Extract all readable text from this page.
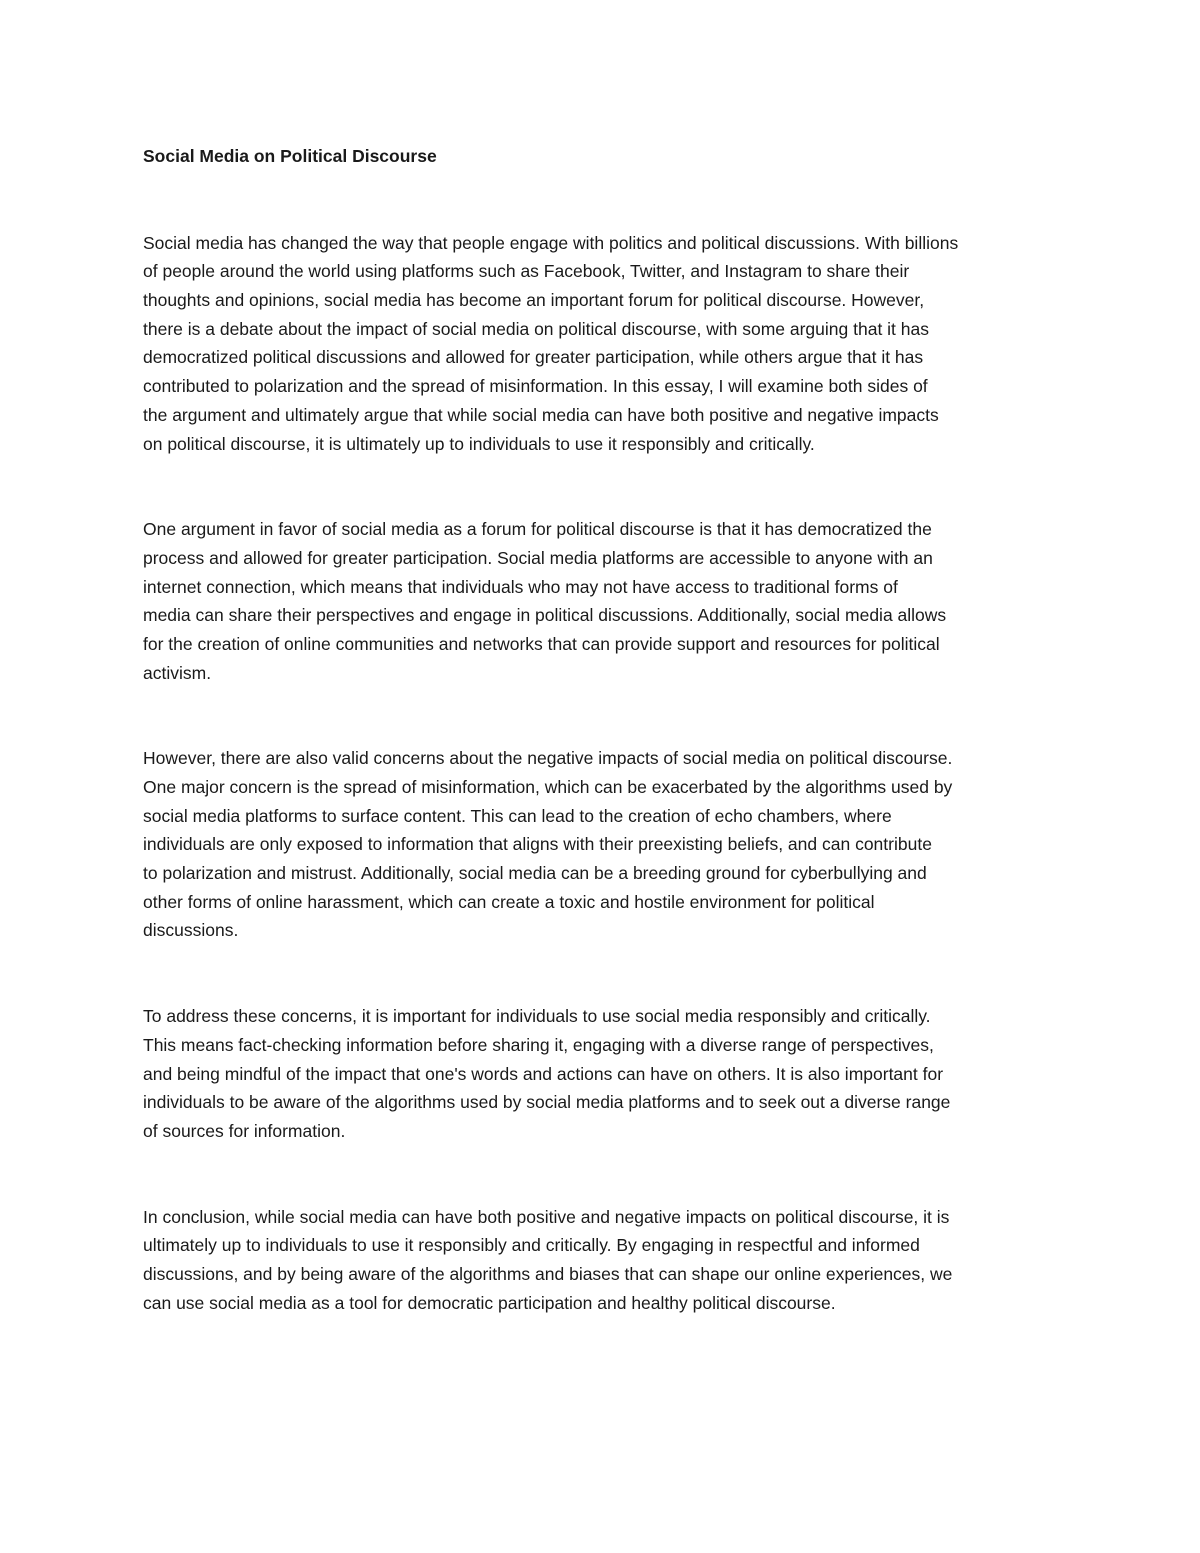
Social Media on Political Discourse
Social media has changed the way that people engage with politics and political discussions. With billions
of people around the world using platforms such as Facebook, Twitter, and Instagram to share their
thoughts and opinions, social media has become an important forum for political discourse. However,
there is a debate about the impact of social media on political discourse, with some arguing that it has
democratized political discussions and allowed for greater participation, while others argue that it has
contributed to polarization and the spread of misinformation. In this essay, I will examine both sides of
the argument and ultimately argue that while social media can have both positive and negative impacts
on political discourse, it is ultimately up to individuals to use it responsibly and critically.
One argument in favor of social media as a forum for political discourse is that it has democratized the
process and allowed for greater participation. Social media platforms are accessible to anyone with an
internet connection, which means that individuals who may not have access to traditional forms of
media can share their perspectives and engage in political discussions. Additionally, social media allows
for the creation of online communities and networks that can provide support and resources for political
activism.
However, there are also valid concerns about the negative impacts of social media on political discourse.
One major concern is the spread of misinformation, which can be exacerbated by the algorithms used by
social media platforms to surface content. This can lead to the creation of echo chambers, where
individuals are only exposed to information that aligns with their preexisting beliefs, and can contribute
to polarization and mistrust. Additionally, social media can be a breeding ground for cyberbullying and
other forms of online harassment, which can create a toxic and hostile environment for political
discussions.
To address these concerns, it is important for individuals to use social media responsibly and critically.
This means fact-checking information before sharing it, engaging with a diverse range of perspectives,
and being mindful of the impact that one's words and actions can have on others. It is also important for
individuals to be aware of the algorithms used by social media platforms and to seek out a diverse range
of sources for information.
In conclusion, while social media can have both positive and negative impacts on political discourse, it is
ultimately up to individuals to use it responsibly and critically. By engaging in respectful and informed
discussions, and by being aware of the algorithms and biases that can shape our online experiences, we
can use social media as a tool for democratic participation and healthy political discourse.
